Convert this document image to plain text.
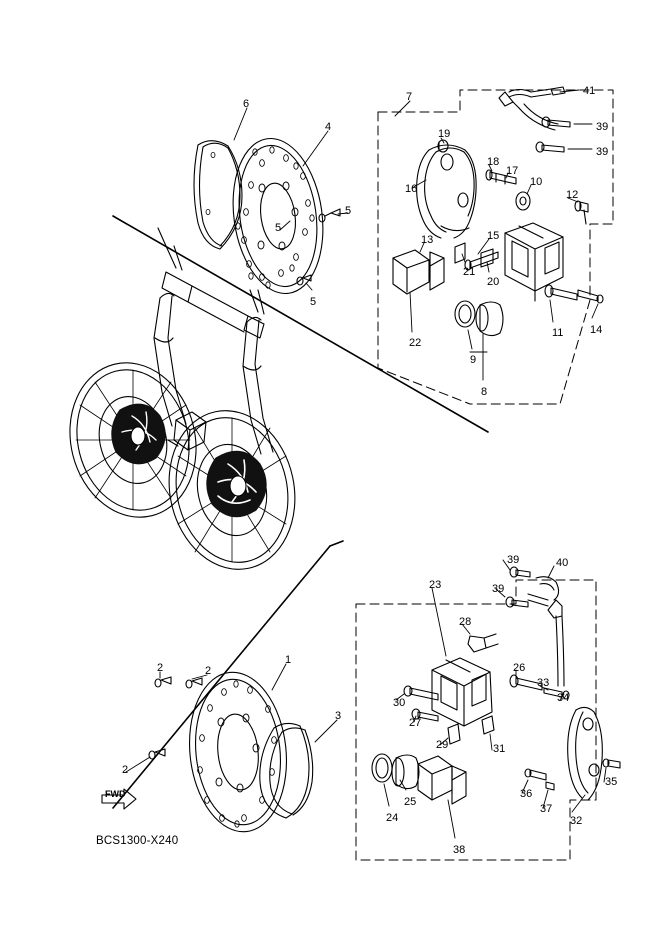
6
4
7	41
39
39
19
18
17
10
12
16
5
5
5
13	15
21
20
11 14
22
9
8
39	40
39
23
28
26
33
34
30
27
31
29
35
36
37
32
24
25
38
1
2	2
2
3
FWD
BCS1300-X240
